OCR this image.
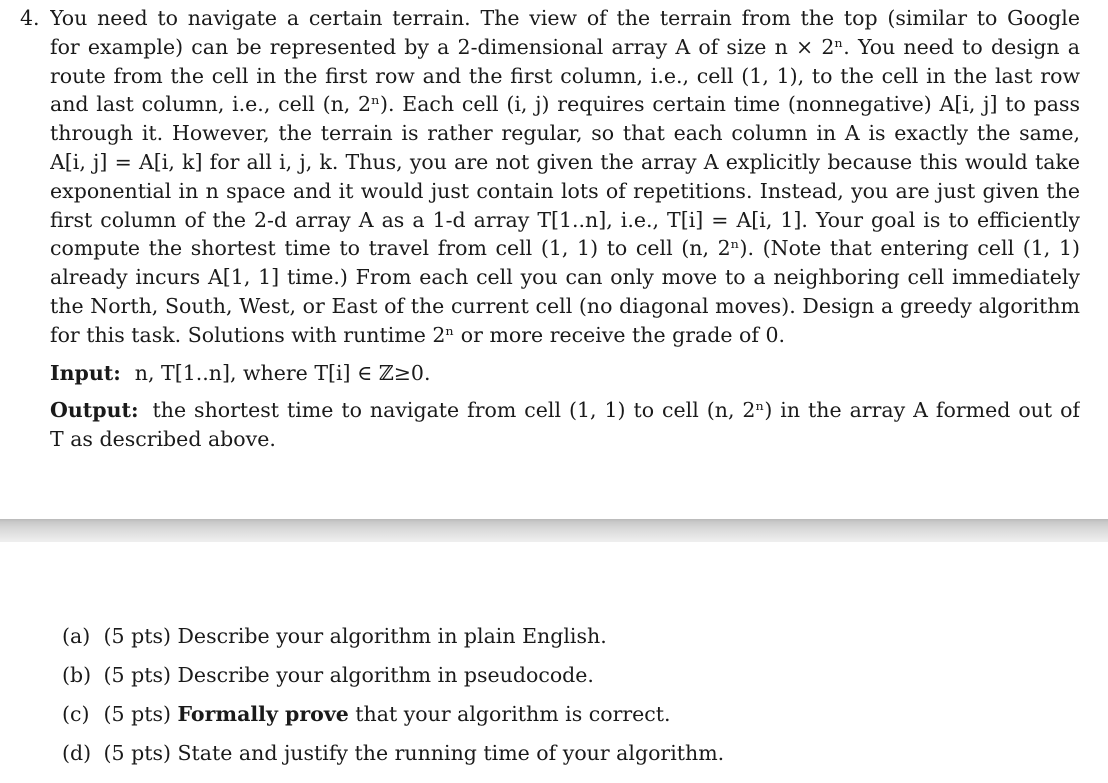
4. You need to navigate a certain terrain. The view of the terrain from the top (similar to Google
for example) can be represented by a 2-dimensional array A of size n × 2ⁿ. You need to design a
route from the cell in the first row and the first column, i.e., cell (1, 1), to the cell in the last row
and last column, i.e., cell (n, 2ⁿ). Each cell (i, j) requires certain time (nonnegative) A[i, j] to pass
through it. However, the terrain is rather regular, so that each column in A is exactly the same,
A[i, j] = A[i, k] for all i, j, k. Thus, you are not given the array A explicitly because this would take
exponential in n space and it would just contain lots of repetitions. Instead, you are just given the
first column of the 2-d array A as a 1-d array T[1..n], i.e., T[i] = A[i, 1]. Your goal is to efficiently
compute the shortest time to travel from cell (1, 1) to cell (n, 2ⁿ). (Note that entering cell (1, 1)
already incurs A[1, 1] time.) From each cell you can only move to a neighboring cell immediately
the North, South, West, or East of the current cell (no diagonal moves). Design a greedy algorithm
for this task. Solutions with runtime 2ⁿ or more receive the grade of 0.
Input: n, T[1..n], where T[i] ∈ ℤ≥0.
Output: the shortest time to navigate from cell (1, 1) to cell (n, 2ⁿ) in the array A formed out of
T as described above.
(a) (5 pts) Describe your algorithm in plain English.
(b) (5 pts) Describe your algorithm in pseudocode.
(c) (5 pts) Formally prove that your algorithm is correct.
(d) (5 pts) State and justify the running time of your algorithm.
